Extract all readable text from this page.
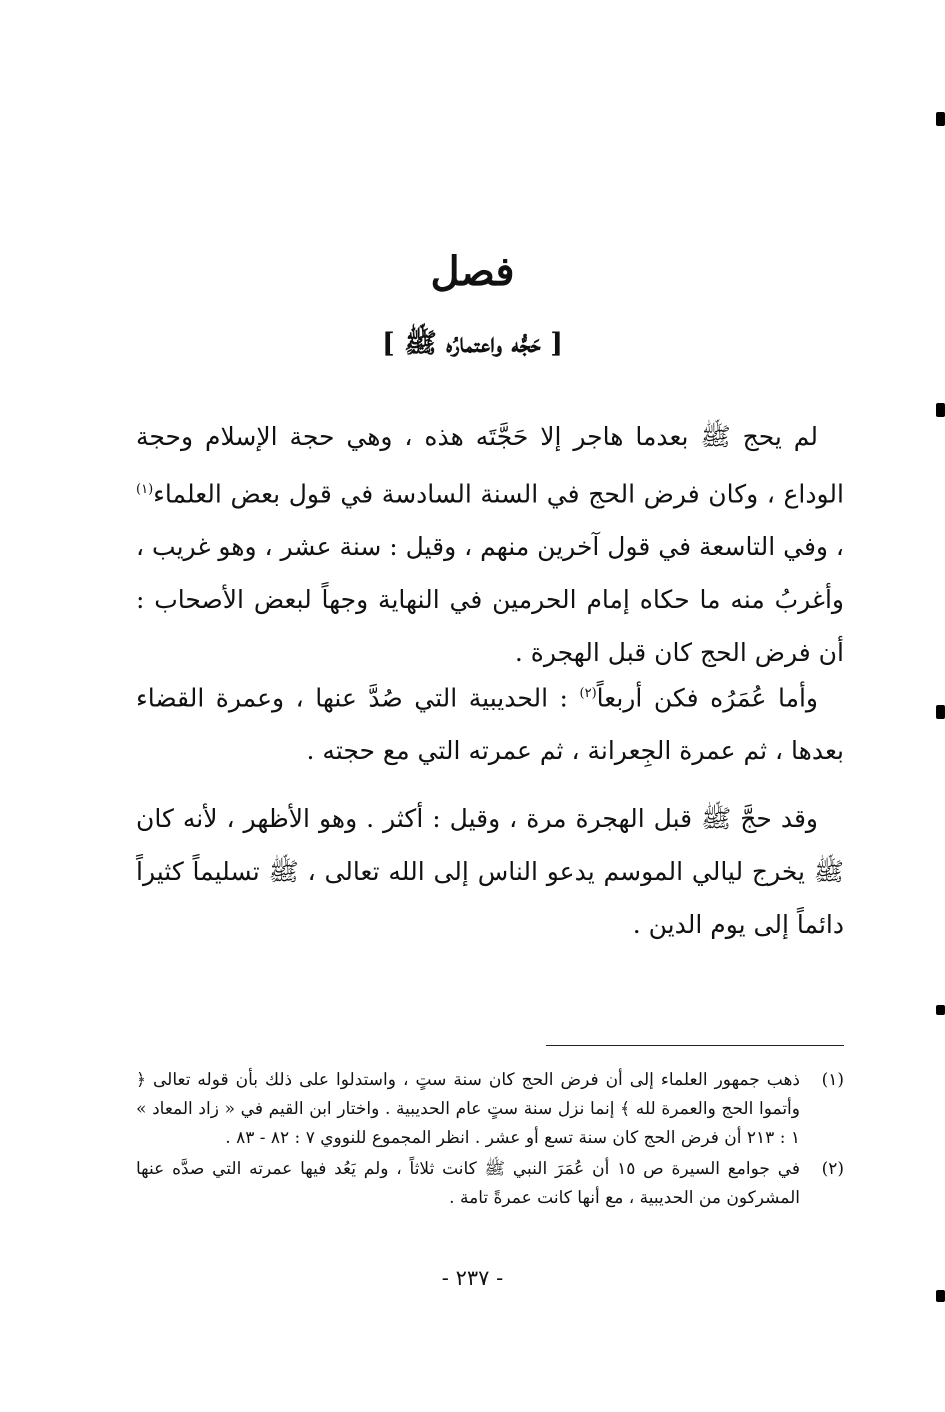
فصل
[ حَجُّه واعتمارُه ﷺ ]

لم يحج ﷺ بعدما هاجر إلا حَجَّتَه هذه ، وهي حجة الإسلام وحجة الوداع ، وكان فرض الحج في السنة السادسة في قول بعض العلماء$^{(١)}$ ، وفي التاسعة في قول آخرين منهم ، وقيل : سنة عشر ، وهو غريب ، وأغربُ منه ما حكاه إمام الحرمين في النهاية وجهاً لبعض الأصحاب : أن فرض الحج كان قبل الهجرة .

وأما عُمَرُه فكن أربعاً$^{(٢)}$ : الحديبية التي صُدَّ عنها ، وعمرة القضاء بعدها ، ثم عمرة الجِعرانة ، ثم عمرته التي مع حجته .

وقد حجَّ ﷺ قبل الهجرة مرة ، وقيل : أكثر . وهو الأظهر ، لأنه كان ﷺ يخرج ليالي الموسم يدعو الناس إلى الله تعالى ، ﷺ تسليماً كثيراً دائماً إلى يوم الدين .

(١)
ذهب جمهور العلماء إلى أن فرض الحج كان سنة ستٍ ، واستدلوا على ذلك بأن قوله تعالى ﴿ وأتموا الحج والعمرة لله ﴾ إنما نزل سنة ستٍ عام الحديبية . واختار ابن القيم في « زاد المعاد » ١ : ٢١٣ أن فرض الحج كان سنة تسع أو عشر . انظر المجموع للنووي ٧ : ٨٢ - ٨٣ .
(٢)
في جوامع السيرة ص ١٥ أن عُمَرَ النبي ﷺ كانت ثلاثاً ، ولم يَعُد فيها عمرته التي صدَّه عنها المشركون من الحديبية ، مع أنها كانت عمرةً تامة .
- ٢٣٧ -
